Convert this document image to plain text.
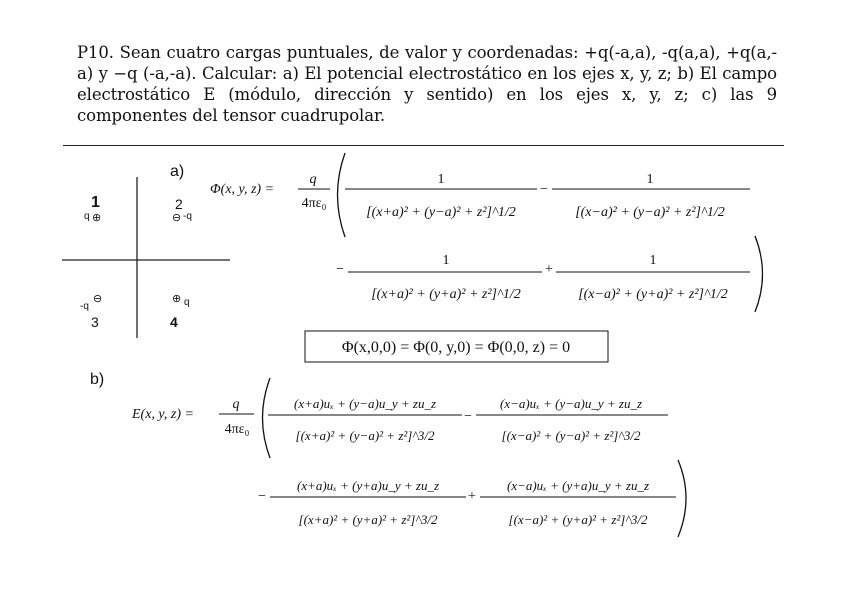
P10. Sean cuatro cargas puntuales, de valor y coordenadas: +q(-a,a), -q(a,a), +q(a,-a) y −q (-a,-a). Calcular: a) El potencial electrostático en los ejes x, y, z; b) El campo electrostático E (módulo, dirección y sentido) en los ejes x, y, z; c) las 9 componentes del tensor cuadrupolar.
a)
1	2
3	4
q ⊕	⊖ -q
-q
⊖	⊕ q
b)
Φ(x, y, z) =
q
4πε₀
1
[(x+a)² + (y−a)² + z²]^1/2
−
1
[(x−a)² + (y−a)² + z²]^1/2
−
1
[(x+a)² + (y+a)² + z²]^1/2
+
1
[(x−a)² + (y+a)² + z²]^1/2
Φ(x,0,0) = Φ(0, y,0) = Φ(0,0, z) = 0
E(x, y, z) =
q
4πε₀
(x+a)uₓ + (y−a)u_y + zu_z
[(x+a)² + (y−a)² + z²]^3/2
−
(x−a)uₓ + (y−a)u_y + zu_z
[(x−a)² + (y−a)² + z²]^3/2
−
(x+a)uₓ + (y+a)u_y + zu_z
[(x+a)² + (y+a)² + z²]^3/2
+
(x−a)uₓ + (y+a)u_y + zu_z
[(x−a)² + (y+a)² + z²]^3/2
